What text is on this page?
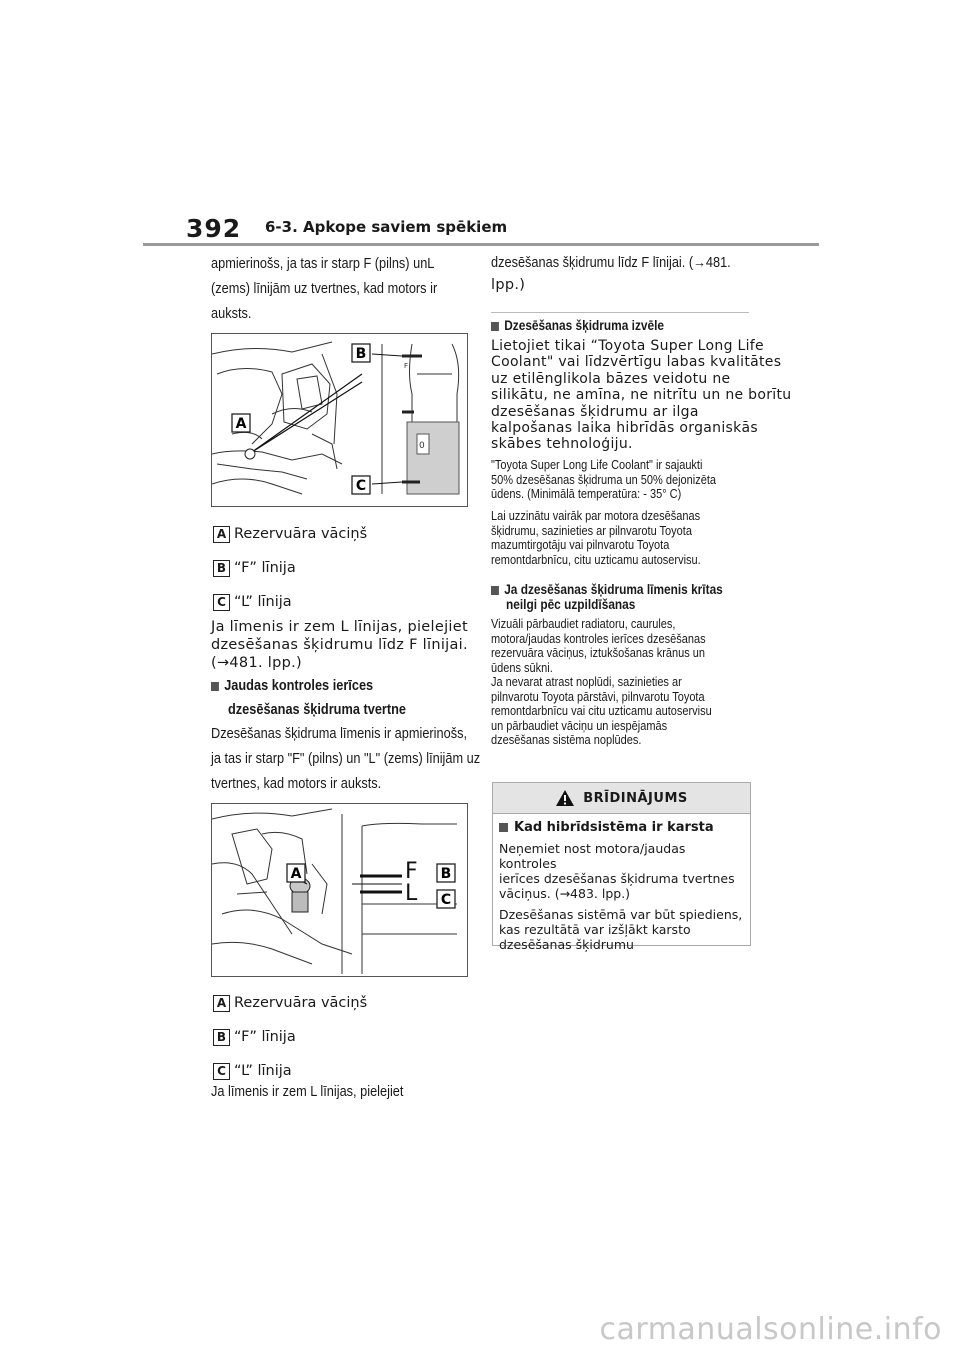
392 6-3. Apkope saviem spēkiem
apmierinošs, ja tas ir starp F (pilns) unL
(zems) līnijām uz tvertnes, kad motors ir
auksts.
0
F
B
A
C
A Rezervuāra vāciņš
B “F” līnija
C “L” līnija
Ja līmenis ir zem L līnijas, pielejiet
dzesēšanas šķidrumu līdz F līnijai.
(→481. lpp.)
Jaudas kontroles ierīces
dzesēšanas šķidruma tvertne
Dzesēšanas šķidruma līmenis ir apmierinošs,
ja tas ir starp "F" (pilns) un "L" (zems) līnijām uz
tvertnes, kad motors ir auksts.
F
L
A	B
C
A Rezervuāra vāciņš
B “F” līnija
C “L” līnija
Ja līmenis ir zem L līnijas, pielejiet
dzesēšanas šķidrumu līdz F līnijai. (→481.
lpp.)
Dzesēšanas šķidruma izvēle
Lietojiet tikai “Toyota Super Long Life
Coolant" vai līdzvērtīgu labas kvalitātes
uz etilēnglikola bāzes veidotu ne
silikātu, ne amīna, ne nitrītu un ne borītu
dzesēšanas šķidrumu ar ilga
kalpošanas laika hibrīdās organiskās
skābes tehnoloģiju.
"Toyota Super Long Life Coolant" ir sajaukti
50% dzesēšanas šķidruma un 50% dejonizēta
ūdens. (Minimālā temperatūra: - 35° C)
Lai uzzinātu vairāk par motora dzesēšanas
šķidrumu, sazinieties ar pilnvarotu Toyota
mazumtirgotāju vai pilnvarotu Toyota
remontdarbnīcu, citu uzticamu autoservisu.
Ja dzesēšanas šķidruma līmenis krītas
neilgi pēc uzpildīšanas
Vizuāli pārbaudiet radiatoru, caurules,
motora/jaudas kontroles ierīces dzesēšanas
rezervuāra vāciņus, iztukšošanas krānus un
ūdens sūkni.
Ja nevarat atrast noplūdi, sazinieties ar
pilnvarotu Toyota pārstāvi, pilnvarotu Toyota
remontdarbnīcu vai citu uzticamu autoservisu
un pārbaudiet vāciņu un iespējamās
dzesēšanas sistēma noplūdes.
BRĪDINĀJUMS
Kad hibrīdsistēma ir karsta
Neņemiet nost motora/jaudas kontroles
ierīces dzesēšanas šķidruma tvertnes
vāciņus. (→483. lpp.)
Dzesēšanas sistēmā var būt spiediens,
kas rezultātā var izšļākt karsto
dzesēšanas šķidrumu
carmanualsonline.info
